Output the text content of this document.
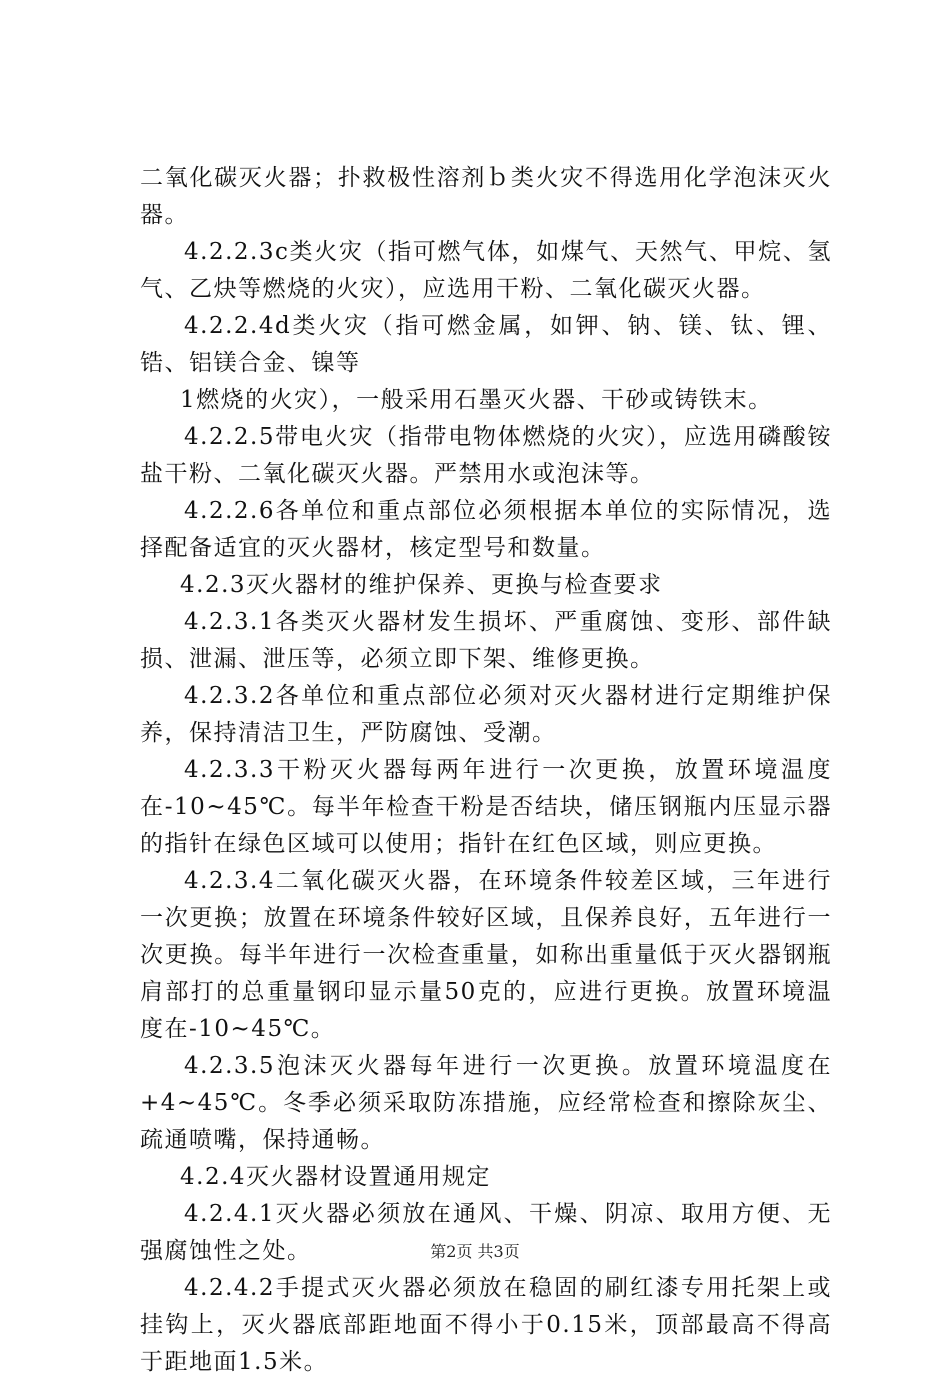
二氧化碳灭火器；扑救极性溶剂ｂ类火灾不得选用化学泡沫灭火器。

4.2.2.3c类火灾（指可燃气体，如煤气、天然气、甲烷、氢气、乙炔等燃烧的火灾），应选用干粉、二氧化碳灭火器。

4.2.2.4d类火灾（指可燃金属，如钾、钠、镁、钛、锂、锆、铝镁合金、镍等

1燃烧的火灾），一般采用石墨灭火器、干砂或铸铁末。

4.2.2.5带电火灾（指带电物体燃烧的火灾），应选用磷酸铵盐干粉、二氧化碳灭火器。严禁用水或泡沫等。

4.2.2.6各单位和重点部位必须根据本单位的实际情况，选择配备适宜的灭火器材，核定型号和数量。

4.2.3灭火器材的维护保养、更换与检查要求

4.2.3.1各类灭火器材发生损坏、严重腐蚀、变形、部件缺损、泄漏、泄压等，必须立即下架、维修更换。

4.2.3.2各单位和重点部位必须对灭火器材进行定期维护保养，保持清洁卫生，严防腐蚀、受潮。

4.2.3.3干粉灭火器每两年进行一次更换，放置环境温度在-10~45℃。每半年检查干粉是否结块，储压钢瓶内压显示器的指针在绿色区域可以使用；指针在红色区域，则应更换。

4.2.3.4二氧化碳灭火器，在环境条件较差区域，三年进行一次更换；放置在环境条件较好区域，且保养良好，五年进行一次更换。每半年进行一次检查重量，如称出重量低于灭火器钢瓶肩部打的总重量钢印显示量50克的，应进行更换。放置环境温度在-10~45℃。

4.2.3.5泡沫灭火器每年进行一次更换。放置环境温度在+4~45℃。冬季必须采取防冻措施，应经常检查和擦除灰尘、疏通喷嘴，保持通畅。

4.2.4灭火器材设置通用规定

4.2.4.1灭火器必须放在通风、干燥、阴凉、取用方便、无强腐蚀性之处。

4.2.4.2手提式灭火器必须放在稳固的刷红漆专用托架上或挂钩上，灭火器底部距地面不得小于0.15米，顶部最高不得高于距地面1.5米。

第2页 共3页
